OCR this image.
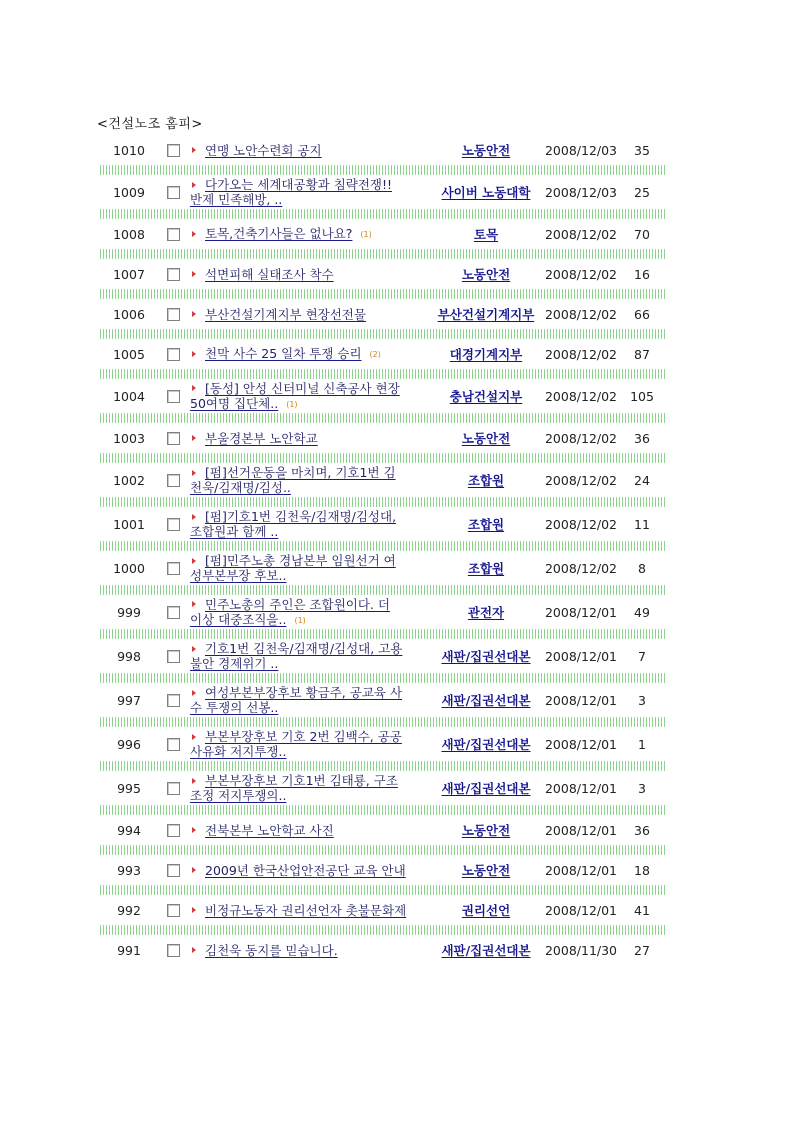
<건설노조 홈피>
1010	연맹 노안수련회 공지	노동안전	2008/12/03	35
1009	다가오는 세계대공황과 침략전쟁!!
반제 민족해방, ..	사이버 노동대학	2008/12/03	25
1008	토목,건축기사들은 없나요? (1)	토목	2008/12/02	70
1007	석면피해 실태조사 착수	노동안전	2008/12/02	16
1006	부산건설기계지부 현장선전물	부산건설기계지부 2008/12/02	66
1005	천막 사수 25 일차 투쟁 승리 (2)	대경기계지부	2008/12/02	87
1004
[동성] 안성 신터미널 신축공사 현장
50여명 집단체.. (1)	충남건설지부	2008/12/02	105
1003	부울경본부 노안학교	노동안전	2008/12/02	36
1002	[펌]선거운동을 마치며, 기호1번 김
천욱/김재명/김성..	조합원	2008/12/02	24
1001	[펌]기호1번 김천욱/김재명/김성대,
조합원과 함께 ..	조합원	2008/12/02	11
1000	[펌]민주노총 경남본부 임원선거 여
성부본부장 후보..	조합원	2008/12/02	8
999
민주노총의 주인은 조합원이다. 더
이상 대중조직을.. (1)	관전자	2008/12/01	49
998	기호1번 김천욱/김재명/김성대, 고용
불안 경제위기 ..	새판/집권선대본	2008/12/01	7
997	여성부본부장후보 황금주, 공교육 사
수 투쟁의 선봉..	새판/집권선대본	2008/12/01	3
996	부본부장후보 기호 2번 김백수, 공공
사유화 저지투쟁..	새판/집권선대본	2008/12/01	1
995	부본부장후보 기호1번 김태룡, 구조
조정 저지투쟁의..	새판/집권선대본	2008/12/01	3
994	전북본부 노안학교 사진	노동안전	2008/12/01	36
993	2009년 한국산업안전공단 교육 안내	노동안전	2008/12/01	18
992	비정규노동자 권리선언자 촛불문화제	권리선언	2008/12/01	41
991	김천욱 동지를 믿습니다.	새판/집권선대본	2008/11/30	27
